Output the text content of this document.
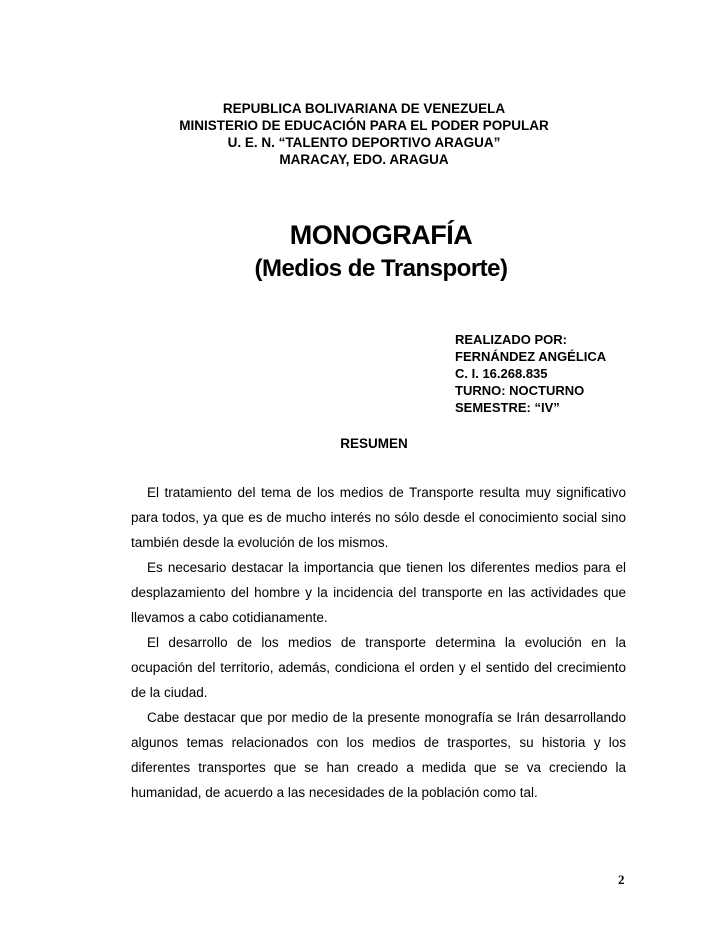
REPUBLICA BOLIVARIANA DE VENEZUELA
MINISTERIO DE EDUCACIÓN PARA EL PODER POPULAR
U. E. N. “TALENTO DEPORTIVO ARAGUA”
MARACAY, EDO. ARAGUA
MONOGRAFÍA
(Medios de Transporte)
REALIZADO POR:
FERNÁNDEZ ANGÉLICA
C. I. 16.268.835
TURNO: NOCTURNO
SEMESTRE: “IV”
RESUMEN

El tratamiento del tema de los medios de Transporte resulta muy significativo para todos, ya que es de mucho interés no sólo desde el conocimiento social sino también desde la evolución de los mismos.

Es necesario destacar la importancia que tienen los diferentes medios para el desplazamiento del hombre y la incidencia del transporte en las actividades que llevamos a cabo cotidianamente.

El desarrollo de los medios de transporte determina la evolución en la ocupación del territorio, además, condiciona el orden y el sentido del crecimiento de la ciudad.

Cabe destacar que por medio de la presente monografía se Irán desarrollando algunos temas relacionados con los medios de trasportes, su historia y los diferentes transportes que se han creado a medida que se va creciendo la humanidad, de acuerdo a las necesidades de la población como tal.

2
